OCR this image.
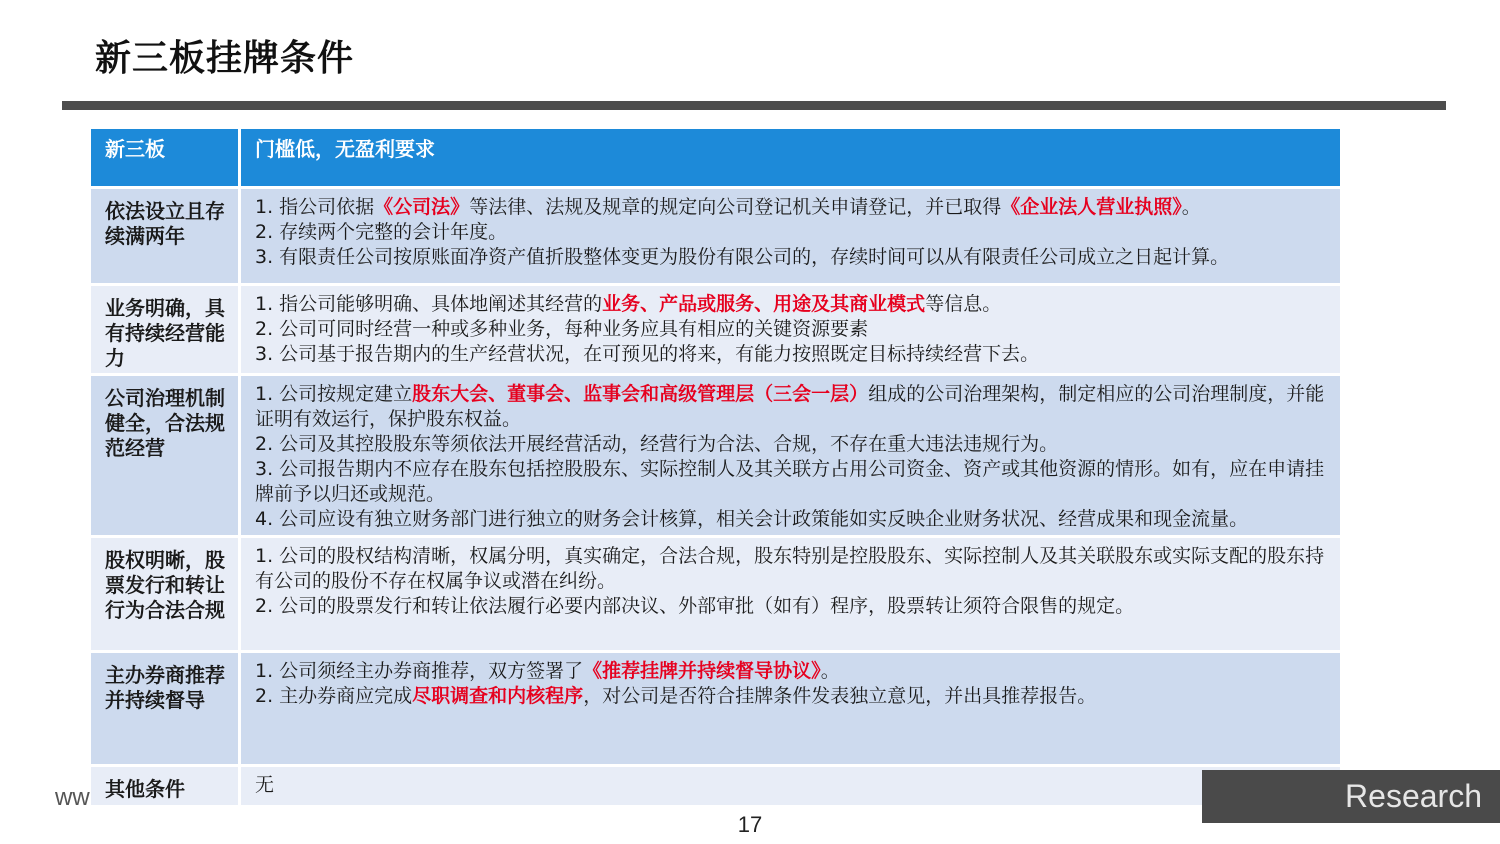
新三板挂牌条件
新三板	门槛低，无盈利要求

依法设立且存续满两年	1. 指公司依据《公司法》等法律、法规及规章的规定向公司登记机关申请登记，并已取得《企业法人营业执照》。
2. 存续两个完整的会计年度。
3. 有限责任公司按原账面净资产值折股整体变更为股份有限公司的，存续时间可以从有限责任公司成立之日起计算。

业务明确，具有持续经营能力	1. 指公司能够明确、具体地阐述其经营的业务、产品或服务、用途及其商业模式等信息。
2. 公司可同时经营一种或多种业务，每种业务应具有相应的关键资源要素
3. 公司基于报告期内的生产经营状况，在可预见的将来，有能力按照既定目标持续经营下去。

公司治理机制健全，合法规范经营	1. 公司按规定建立股东大会、董事会、监事会和高级管理层（三会一层）组成的公司治理架构，制定相应的公司治理制度，并能证明有效运行，保护股东权益。
2. 公司及其控股股东等须依法开展经营活动，经营行为合法、合规，不存在重大违法违规行为。
3. 公司报告期内不应存在股东包括控股股东、实际控制人及其关联方占用公司资金、资产或其他资源的情形。如有，应在申请挂牌前予以归还或规范。
4. 公司应设有独立财务部门进行独立的财务会计核算，相关会计政策能如实反映企业财务状况、经营成果和现金流量。

股权明晰，股票发行和转让行为合法合规	1. 公司的股权结构清晰，权属分明，真实确定，合法合规，股东特别是控股股东、实际控制人及其关联股东或实际支配的股东持有公司的股份不存在权属争议或潜在纠纷。
2. 公司的股票发行和转让依法履行必要内部决议、外部审批（如有）程序，股票转让须符合限售的规定。

主办券商推荐并持续督导	1. 公司须经主办券商推荐，双方签署了《推荐挂牌并持续督导协议》。
2. 主办券商应完成尽职调查和内核程序，对公司是否符合挂牌条件发表独立意见，并出具推荐报告。

其他条件	无
ww	Research
17
